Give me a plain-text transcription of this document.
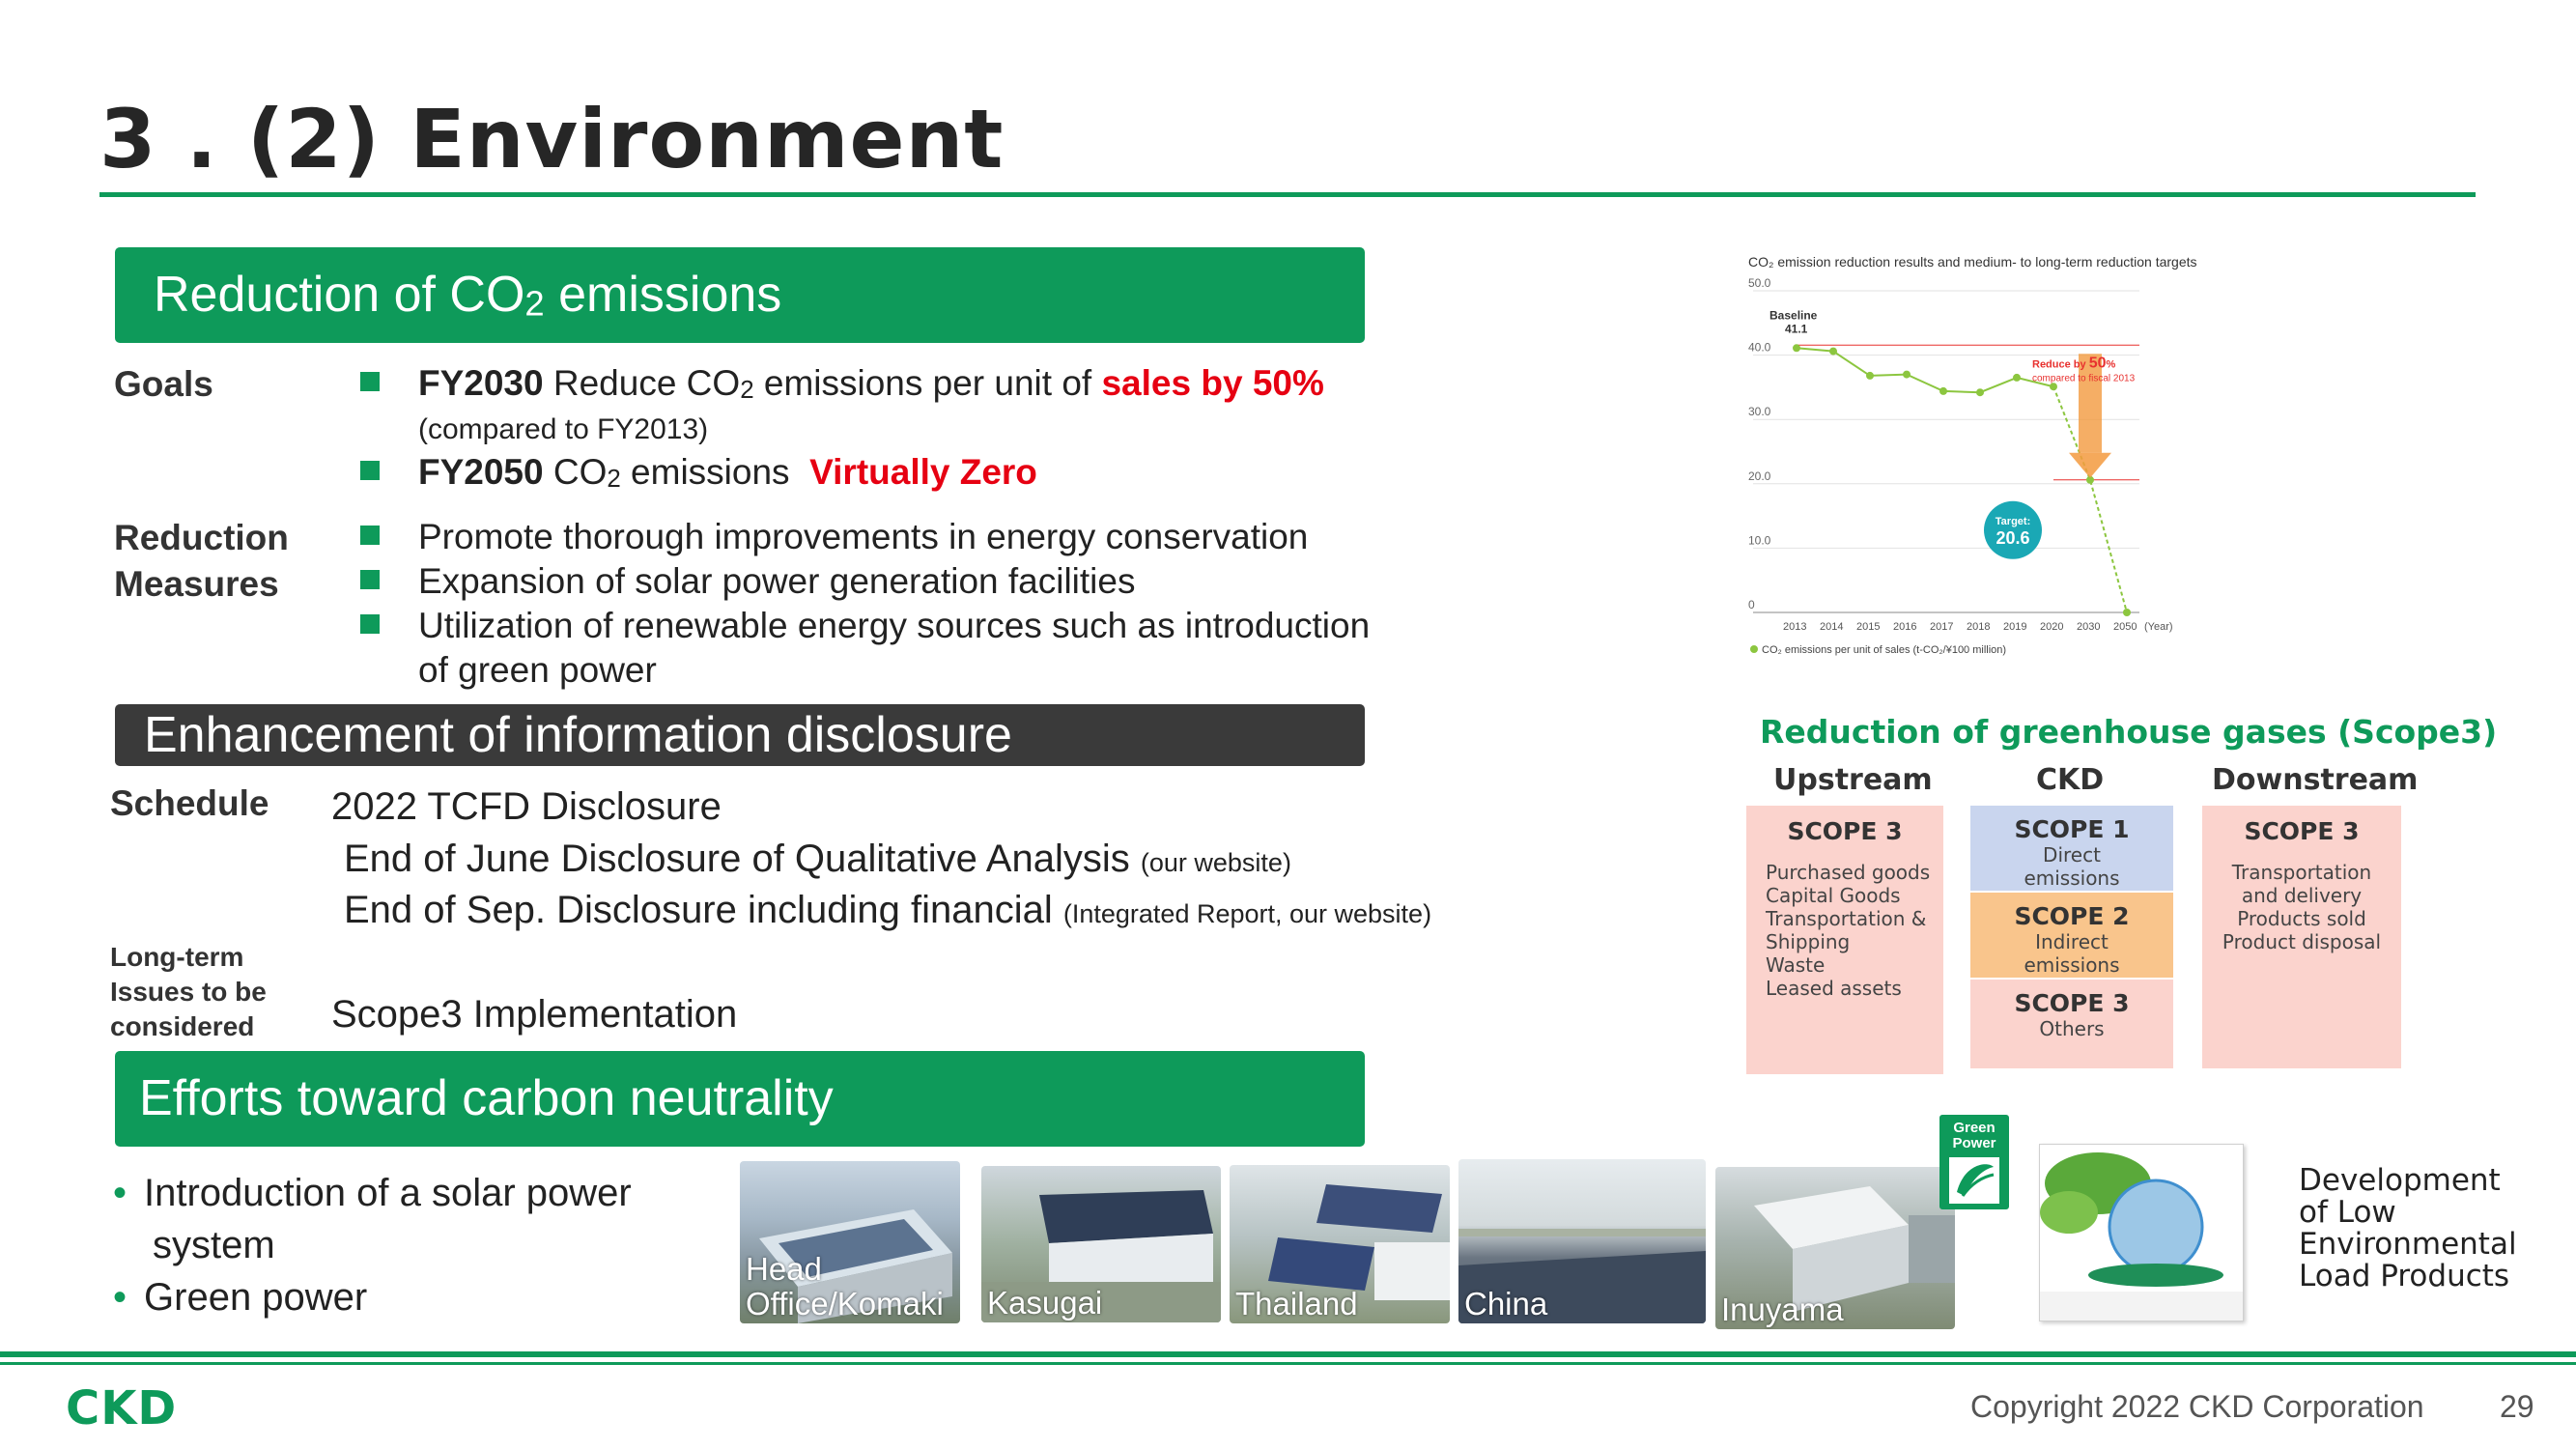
3 . (2) Environment
Reduction of CO2 emissions
Goals	FY2030 Reduce CO2 emissions per unit of sales by 50%
(compared to FY2013)
FY2050 CO2 emissions Virtually Zero
Reduction
Measures
Promote thorough improvements in energy conservation
Expansion of solar power generation facilities
Utilization of renewable energy sources such as introduction
of green power
Enhancement of information disclosure
Schedule 2022 TCFD Disclosure
End of June Disclosure of Qualitative Analysis (our website)
End of Sep. Disclosure including financial (Integrated Report, our website)
Long-term
Issues to be
considered	Scope3 Implementation
Efforts toward carbon neutrality
• Introduction of a solar power
system
• Green power
Head Office/Komaki	Kasugai	Thailand	China	Inuyama
Green
Power
Development
of Low
Environmental
Load Products
CO₂ emission reduction results and medium- to long-term reduction targets
0
10.0
20.0
30.0
40.0
50.0
2013 2014 2015 2016 2017 2018 2019 2020 2030 2050 (Year)
Baseline
41.1
Reduce by 50%
compared to fiscal 2013
Target:
20.6
CO₂ emissions per unit of sales (t-CO₂/¥100 million)
Reduction of greenhouse gases (Scope3)
Upstream	CKD	Downstream
SCOPE 3
Purchased goods
Capital Goods
Transportation &
Shipping
Waste
Leased assets
SCOPE 1
Direct
emissions
SCOPE 2
Indirect
emissions
SCOPE 3
Others
SCOPE 3
Transportation
and delivery
Products sold
Product disposal
CKD	Copyright 2022 CKD Corporation 29
